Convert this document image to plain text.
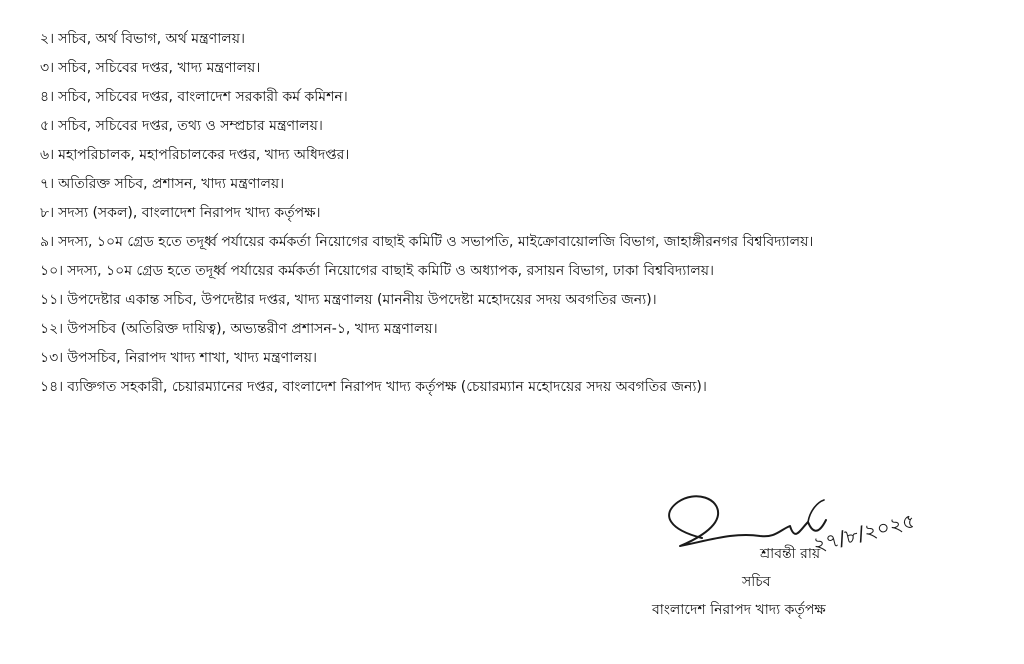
২। সচিব, অর্থ বিভাগ, অর্থ মন্ত্রণালয়।
৩। সচিব, সচিবের দপ্তর, খাদ্য মন্ত্রণালয়।
৪। সচিব, সচিবের দপ্তর, বাংলাদেশ সরকারী কর্ম কমিশন।
৫। সচিব, সচিবের দপ্তর, তথ্য ও সম্প্রচার মন্ত্রণালয়।
৬। মহাপরিচালক, মহাপরিচালকের দপ্তর, খাদ্য অধিদপ্তর।
৭। অতিরিক্ত সচিব, প্রশাসন, খাদ্য মন্ত্রণালয়।
৮। সদস্য (সকল), বাংলাদেশ নিরাপদ খাদ্য কর্তৃপক্ষ।
৯। সদস্য, ১০ম গ্রেড হতে তদূর্ধ্ব পর্যায়ের কর্মকর্তা নিয়োগের বাছাই কমিটি ও সভাপতি, মাইক্রোবায়োলজি বিভাগ, জাহাঙ্গীরনগর বিশ্ববিদ্যালয়।
১০। সদস্য, ১০ম গ্রেড হতে তদূর্ধ্ব পর্যায়ের কর্মকর্তা নিয়োগের বাছাই কমিটি ও অধ্যাপক, রসায়ন বিভাগ, ঢাকা বিশ্ববিদ্যালয়।
১১। উপদেষ্টার একান্ত সচিব, উপদেষ্টার দপ্তর, খাদ্য মন্ত্রণালয় (মাননীয় উপদেষ্টা মহোদয়ের সদয় অবগতির জন্য)।
১২। উপসচিব (অতিরিক্ত দায়িত্ব), অভ্যন্তরীণ প্রশাসন-১, খাদ্য মন্ত্রণালয়।
১৩। উপসচিব, নিরাপদ খাদ্য শাখা, খাদ্য মন্ত্রণালয়।
১৪। ব্যক্তিগত সহকারী, চেয়ারম্যানের দপ্তর, বাংলাদেশ নিরাপদ খাদ্য কর্তৃপক্ষ (চেয়ারম্যান মহোদয়ের সদয় অবগতির জন্য)।
২৭/৮/২০২৫
শ্রাবন্তী রায়
সচিব
বাংলাদেশ নিরাপদ খাদ্য কর্তৃপক্ষ
